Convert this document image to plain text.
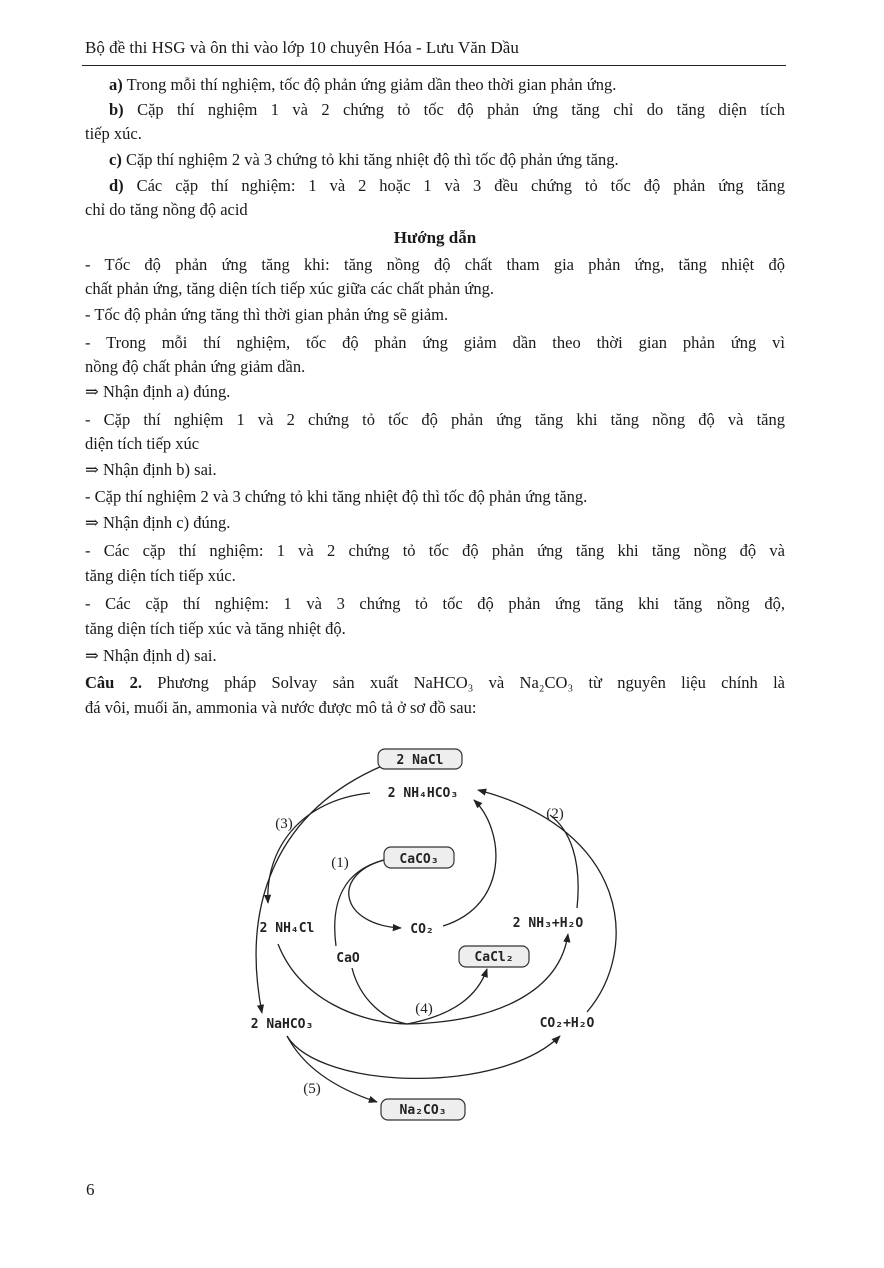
Bộ đề thi HSG và ôn thi vào lớp 10 chuyên Hóa - Lưu Văn Dầu
a) Trong mỗi thí nghiệm, tốc độ phản ứng giảm dần theo thời gian phản ứng.
b) Cặp thí nghiệm 1 và 2 chứng tỏ tốc độ phản ứng tăng chỉ do tăng diện tích
tiếp xúc.
c) Cặp thí nghiệm 2 và 3 chứng tỏ khi tăng nhiệt độ thì tốc độ phản ứng tăng.
d) Các cặp thí nghiệm: 1 và 2 hoặc 1 và 3 đều chứng tỏ tốc độ phản ứng tăng
chỉ do tăng nồng độ acid
Hướng dẫn
- Tốc độ phản ứng tăng khi: tăng nồng độ chất tham gia phản ứng, tăng nhiệt độ
chất phản ứng, tăng diện tích tiếp xúc giữa các chất phản ứng.
- Tốc độ phản ứng tăng thì thời gian phản ứng sẽ giảm.
- Trong mỗi thí nghiệm, tốc độ phản ứng giảm dần theo thời gian phản ứng vì
nồng độ chất phản ứng giảm dần.
⇒ Nhận định a) đúng.
- Cặp thí nghiệm 1 và 2 chứng tỏ tốc độ phản ứng tăng khi tăng nồng độ và tăng
diện tích tiếp xúc
⇒ Nhận định b) sai.
- Cặp thí nghiệm 2 và 3 chứng tỏ khi tăng nhiệt độ thì tốc độ phản ứng tăng.
⇒ Nhận định c) đúng.
- Các cặp thí nghiệm: 1 và 2 chứng tỏ tốc độ phản ứng tăng khi tăng nồng độ và
tăng diện tích tiếp xúc.
- Các cặp thí nghiệm: 1 và 3 chứng tỏ tốc độ phản ứng tăng khi tăng nồng độ,
tăng diện tích tiếp xúc và tăng nhiệt độ.
⇒ Nhận định d) sai.
Câu 2. Phương pháp Solvay sản xuất NaHCO₃ và Na₂CO₃ từ nguyên liệu chính là
đá vôi, muối ăn, ammonia và nước được mô tả ở sơ đồ sau:
2 NaCl
2 NH₄HCO₃
CaCO₃
2 NH₄Cl	CO₂	2 NH₃+H₂O
CaO	CaCl₂
2 NaHCO₃	CO₂+H₂O
Na₂CO₃
(1)
(2)
(3)
(4)
(5)
6
